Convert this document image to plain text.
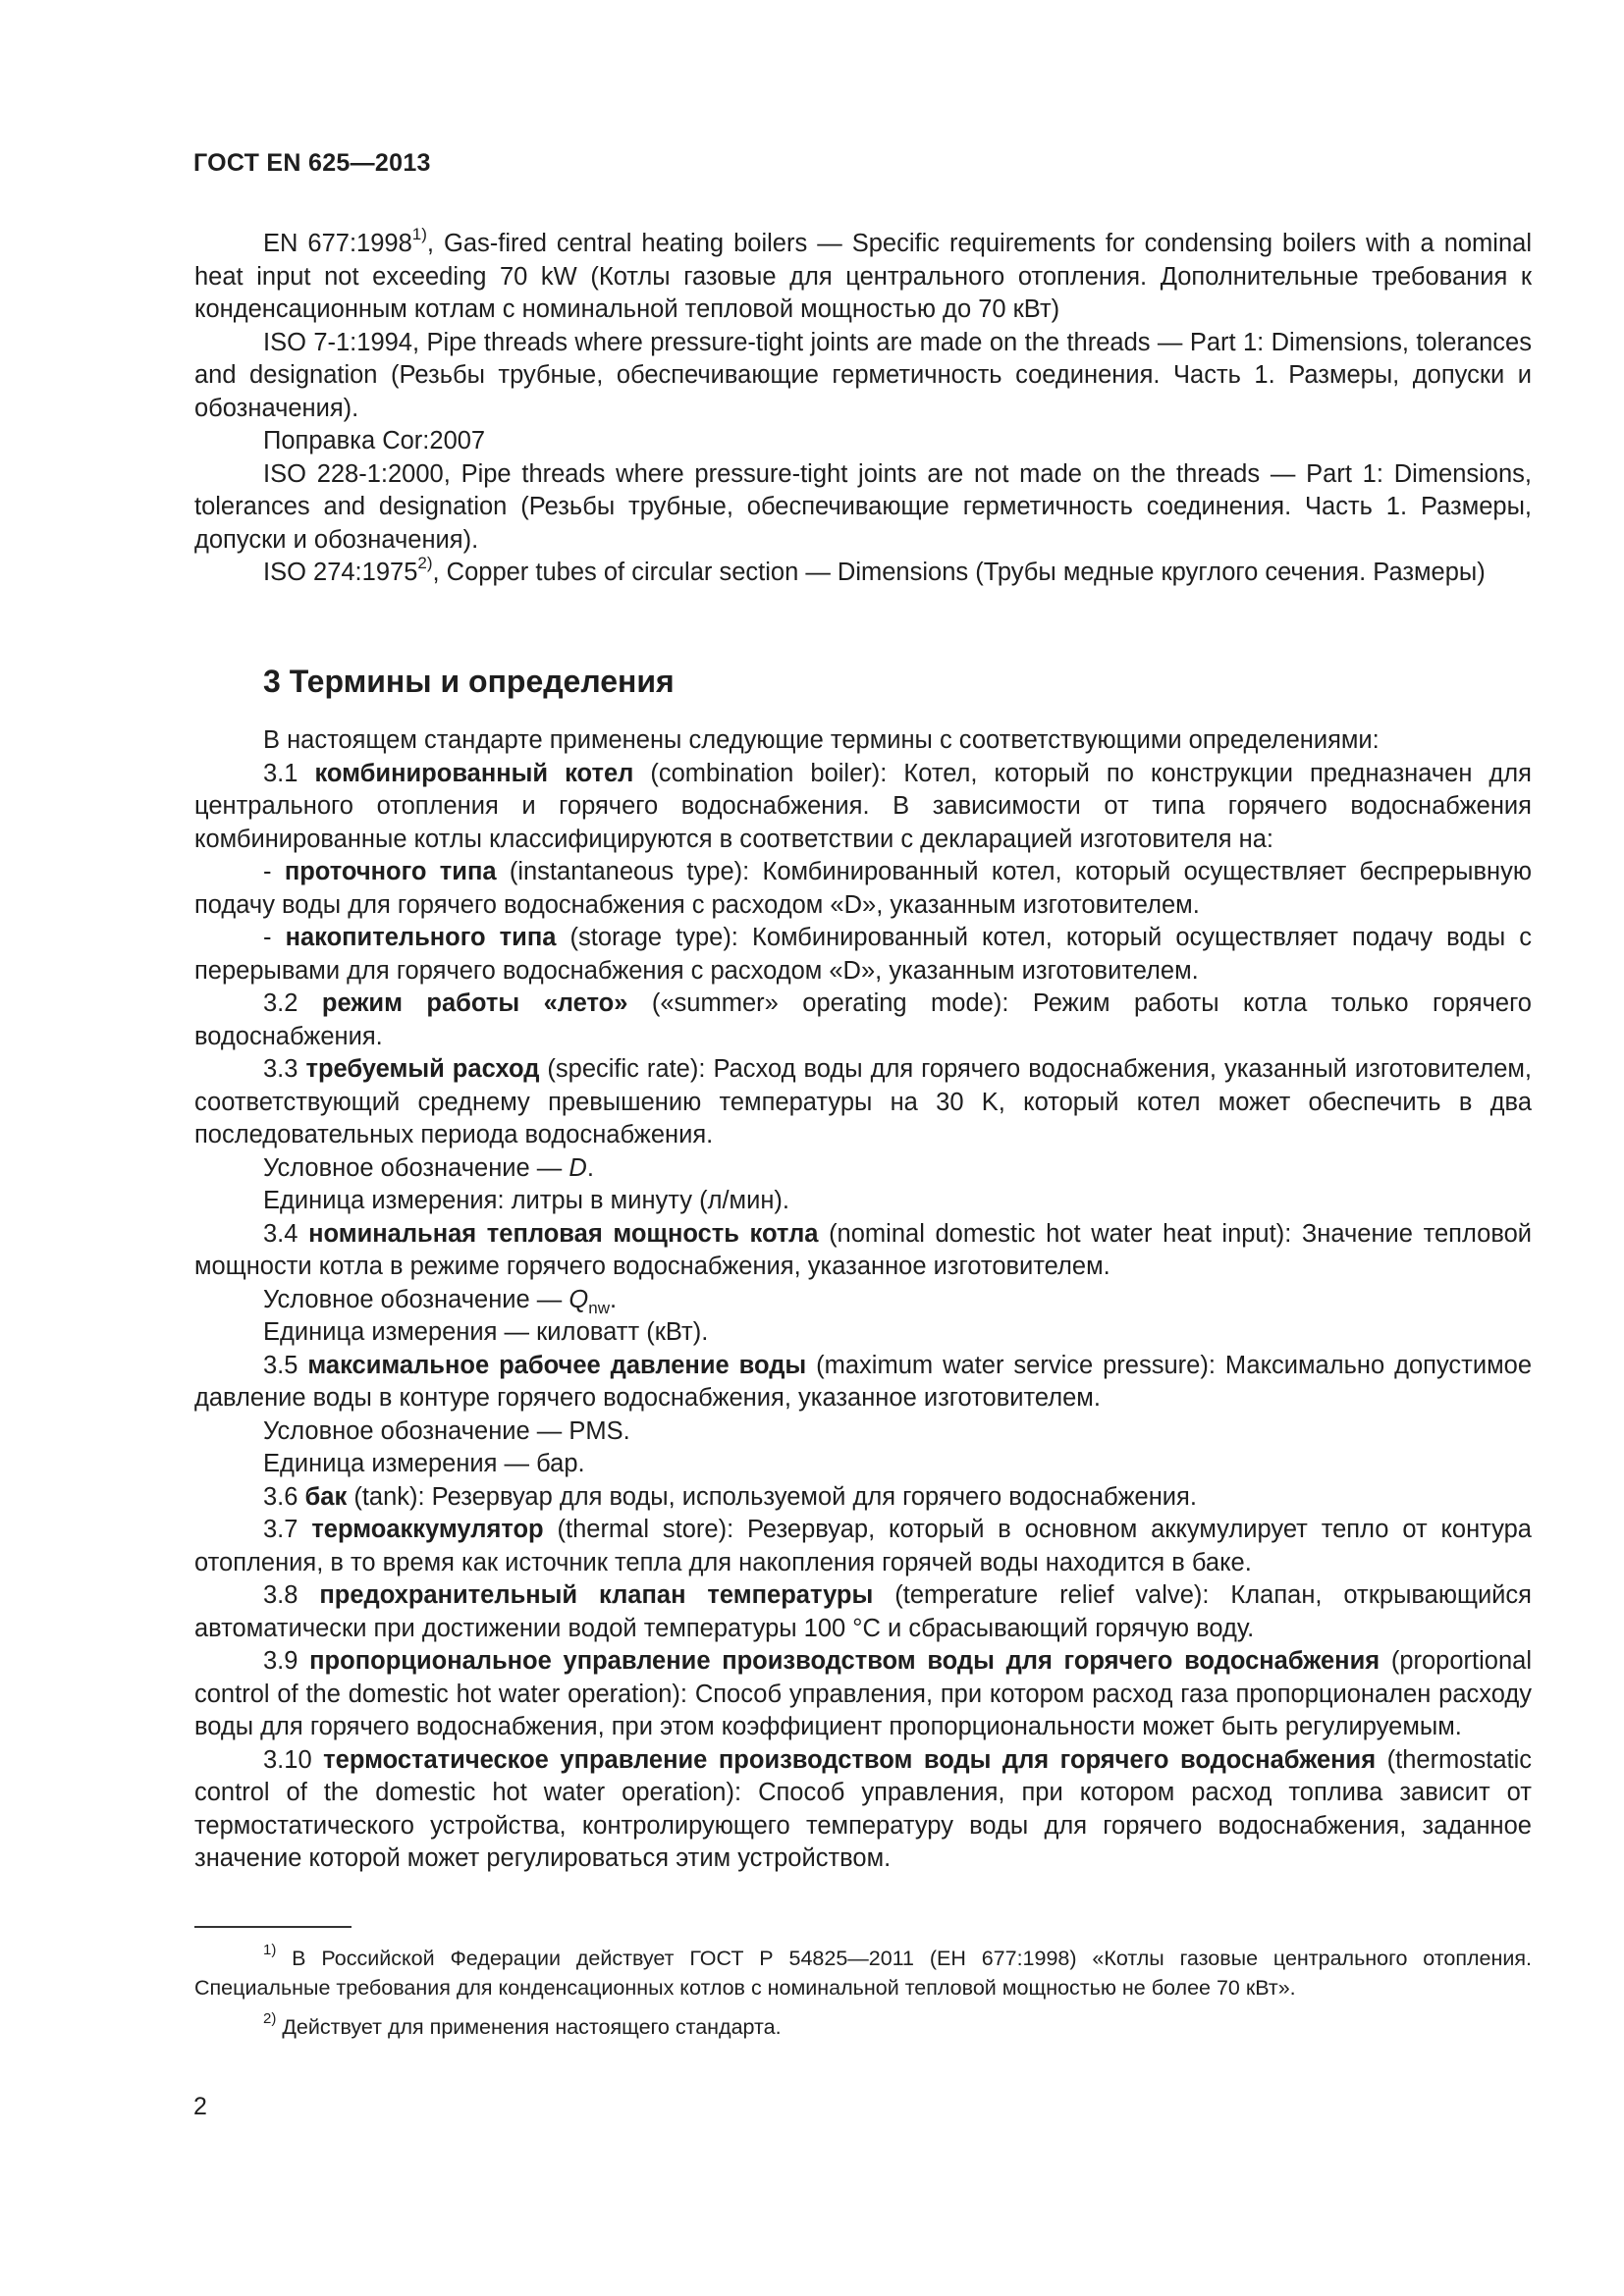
ГОСТ EN 625—2013

EN 677:1998$^{1)}$, Gas-fired central heating boilers — Specific requirements for condensing boilers with a nominal heat input not exceeding 70 kW (Котлы газовые для центрального отопления. Дополнительные требования к конденсационным котлам с номинальной тепловой мощностью до 70 кВт)

ISO 7-1:1994, Pipe threads where pressure-tight joints are made on the threads — Part 1: Dimensions, tolerances and designation (Резьбы трубные, обеспечивающие герметичность соединения. Часть 1. Размеры, допуски и обозначения).

Поправка Cor:2007

ISO 228-1:2000, Pipe threads where pressure-tight joints are not made on the threads — Part 1: Dimensions, tolerances and designation (Резьбы трубные, обеспечивающие герметичность соединения. Часть 1. Размеры, допуски и обозначения).

ISO 274:1975$^{2)}$, Copper tubes of circular section — Dimensions (Трубы медные круглого сечения. Размеры)

3 Термины и определения

В настоящем стандарте применены следующие термины с соответствующими определениями:

3.1 комбинированный котел (combination boiler): Котел, который по конструкции предназначен для центрального отопления и горячего водоснабжения. В зависимости от типа горячего водоснабжения комбинированные котлы классифицируются в соответствии с декларацией изготовителя на:

- проточного типа (instantaneous type): Комбинированный котел, который осуществляет беспрерывную подачу воды для горячего водоснабжения с расходом «D», указанным изготовителем.

- накопительного типа (storage type): Комбинированный котел, который осуществляет подачу воды с перерывами для горячего водоснабжения с расходом «D», указанным изготовителем.

3.2 режим работы «лето» («summer» operating mode): Режим работы котла только горячего водоснабжения.

3.3 требуемый расход (specific rate): Расход воды для горячего водоснабжения, указанный изготовителем, соответствующий среднему превышению температуры на 30 K, который котел может обеспечить в два последовательных периода водоснабжения.

Условное обозначение — D.

Единица измерения: литры в минуту (л/мин).

3.4 номинальная тепловая мощность котла (nominal domestic hot water heat input): Значение тепловой мощности котла в режиме горячего водоснабжения, указанное изготовителем.

Условное обозначение — $Q_{nw}$.

Единица измерения — киловатт (кВт).

3.5 максимальное рабочее давление воды (maximum water service pressure): Максимально допустимое давление воды в контуре горячего водоснабжения, указанное изготовителем.

Условное обозначение — PMS.

Единица измерения — бар.

3.6 бак (tank): Резервуар для воды, используемой для горячего водоснабжения.

3.7 термоаккумулятор (thermal store): Резервуар, который в основном аккумулирует тепло от контура отопления, в то время как источник тепла для накопления горячей воды находится в баке.

3.8 предохранительный клапан температуры (temperature relief valve): Клапан, открывающийся автоматически при достижении водой температуры 100 °C и сбрасывающий горячую воду.

3.9 пропорциональное управление производством воды для горячего водоснабжения (proportional control of the domestic hot water operation): Способ управления, при котором расход газа пропорционален расходу воды для горячего водоснабжения, при этом коэффициент пропорциональности может быть регулируемым.

3.10 термостатическое управление производством воды для горячего водоснабжения (thermostatic control of the domestic hot water operation): Способ управления, при котором расход топлива зависит от термостатического устройства, контролирующего температуру воды для горячего водоснабжения, заданное значение которой может регулироваться этим устройством.

$^{1)}$ В Российской Федерации действует ГОСТ Р 54825—2011 (ЕН 677:1998) «Котлы газовые центрального отопления. Специальные требования для конденсационных котлов с номинальной тепловой мощностью не более 70 кВт».

$^{2)}$ Действует для применения настоящего стандарта.

2
